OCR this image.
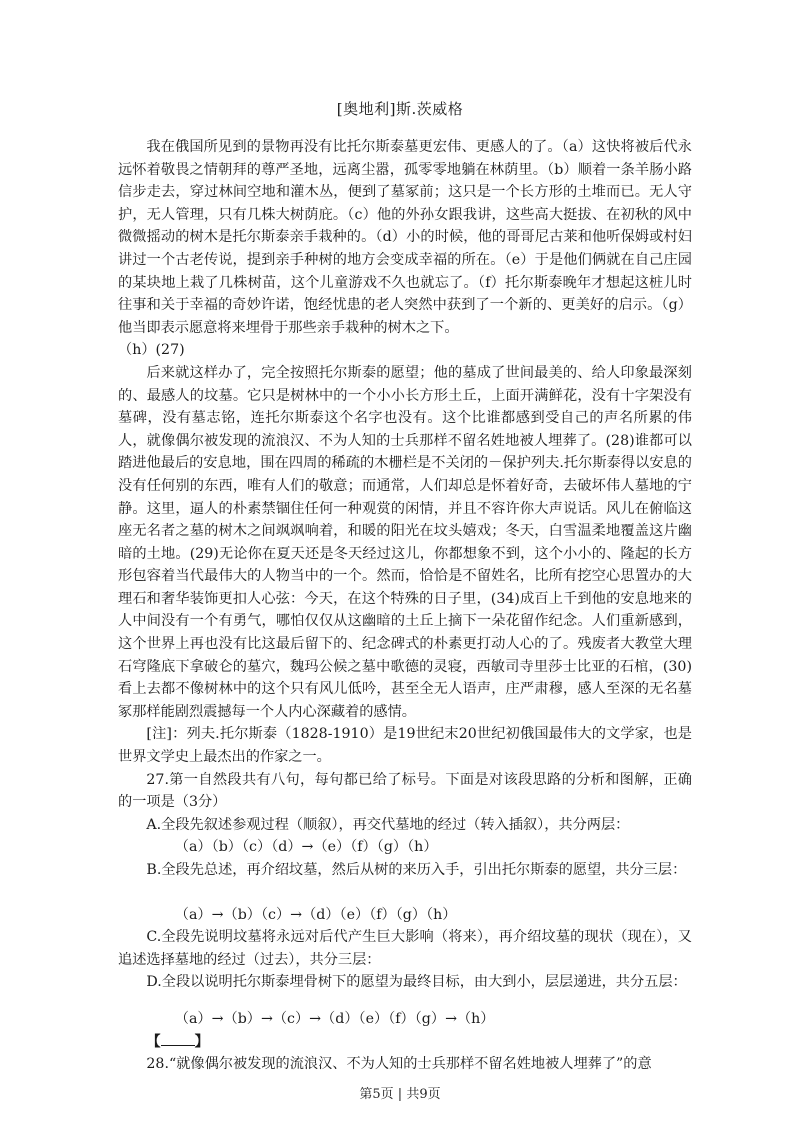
[奥地利]斯.茨威格

我在俄国所见到的景物再没有比托尔斯泰墓更宏伟、更感人的了。（a）这快将被后代永远怀着敬畏之情朝拜的尊严圣地，远离尘嚣，孤零零地躺在林荫里。（b）顺着一条羊肠小路信步走去，穿过林间空地和灌木丛，便到了墓冢前；这只是一个长方形的土堆而已。无人守护，无人管理，只有几株大树荫庇。（c）他的外孙女跟我讲，这些高大挺拔、在初秋的风中微微摇动的树木是托尔斯泰亲手栽种的。（d）小的时候，他的哥哥尼古莱和他听保姆或村妇讲过一个古老传说，提到亲手种树的地方会变成幸福的所在。（e）于是他们俩就在自己庄园的某块地上栽了几株树苗，这个儿童游戏不久也就忘了。（f）托尔斯泰晚年才想起这桩儿时往事和关于幸福的奇妙许诺，饱经忧患的老人突然中获到了一个新的、更美好的启示。（g）他当即表示愿意将来埋骨于那些亲手栽种的树木之下。

（h）(27)

后来就这样办了，完全按照托尔斯泰的愿望；他的墓成了世间最美的、给人印象最深刻的、最感人的坟墓。它只是树林中的一个小小长方形土丘，上面开满鲜花，没有十字架没有墓碑，没有墓志铭，连托尔斯泰这个名字也没有。这个比谁都感到受自己的声名所累的伟人，就像偶尔被发现的流浪汉、不为人知的士兵那样不留名姓地被人埋葬了。(28)谁都可以踏进他最后的安息地，围在四周的稀疏的木栅栏是不关闭的－保护列夫.托尔斯泰得以安息的没有任何别的东西，唯有人们的敬意；而通常，人们却总是怀着好奇，去破坏伟人墓地的宁静。这里，逼人的朴素禁锢住任何一种观赏的闲情，并且不容许你大声说话。风儿在俯临这座无名者之墓的树木之间飒飒响着，和暖的阳光在坟头嬉戏；冬天，白雪温柔地覆盖这片幽暗的土地。(29)无论你在夏天还是冬天经过这儿，你都想象不到，这个小小的、隆起的长方形包容着当代最伟大的人物当中的一个。然而，恰恰是不留姓名，比所有挖空心思置办的大理石和奢华装饰更扣人心弦：今天，在这个特殊的日子里，(34)成百上千到他的安息地来的人中间没有一个有勇气，哪怕仅仅从这幽暗的土丘上摘下一朵花留作纪念。人们重新感到，这个世界上再也没有比这最后留下的、纪念碑式的朴素更打动人心的了。残废者大教堂大理石穹隆底下拿破仑的墓穴，魏玛公候之墓中歌德的灵寝，西敏司寺里莎士比亚的石棺，(30)看上去都不像树林中的这个只有风儿低吟，甚至全无人语声，庄严肃穆，感人至深的无名墓冢那样能剧烈震撼每一个人内心深藏着的感情。

[注]：列夫.托尔斯泰（1828-1910）是19世纪末20世纪初俄国最伟大的文学家，也是世界文学史上最杰出的作家之一。

27.第一自然段共有八句，每句都已给了标号。下面是对该段思路的分析和图解，正确的一项是（3分）

A.全段先叙述参观过程（顺叙），再交代墓地的经过（转入插叙），共分两层：

（a）（b）（c）（d）→（e）（f）（g）（h）

B.全段先总述，再介绍坟墓，然后从树的来历入手，引出托尔斯泰的愿望，共分三层：

（a）→（b）（c）→（d）（e）（f）（g）（h）

C.全段先说明坟墓将永远对后代产生巨大影响（将来），再介绍坟墓的现状（现在），又追述选择墓地的经过（过去），共分三层：

D.全段以说明托尔斯泰埋骨树下的愿望为最终目标，由大到小，层层递进，共分五层：

（a）→（b）→（c）→（d）（e）（f）（g）→（h）

【 】

28.“就像偶尔被发现的流浪汉、不为人知的士兵那样不留名姓地被人埋葬了”的意

第5页 | 共9页
